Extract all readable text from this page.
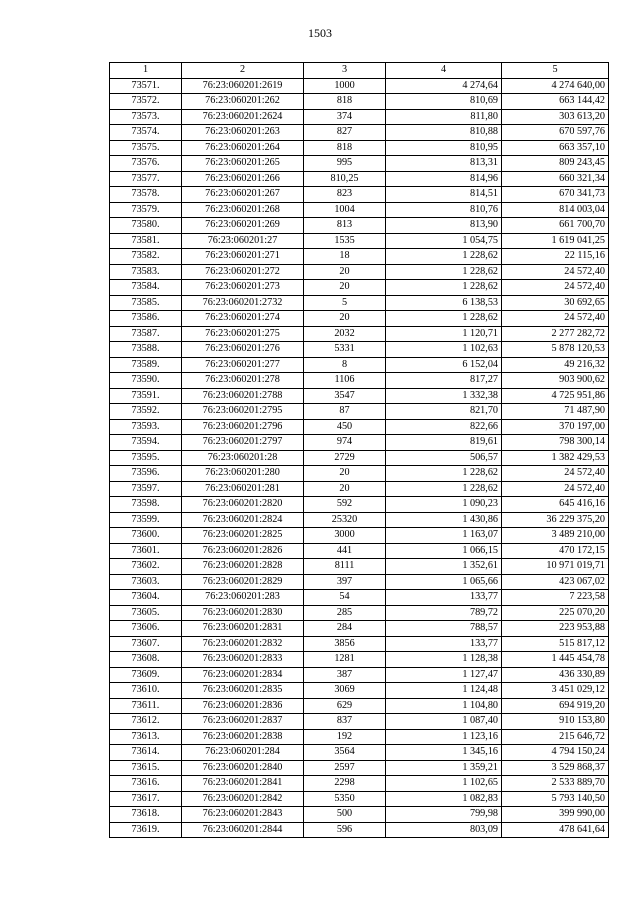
1503
1	2	3	4	5
73571.	76:23:060201:2619	1000	4 274,64	4 274 640,00
73572.	76:23:060201:262	818	810,69	663 144,42
73573.	76:23:060201:2624	374	811,80	303 613,20
73574.	76:23:060201:263	827	810,88	670 597,76
73575.	76:23:060201:264	818	810,95	663 357,10
73576.	76:23:060201:265	995	813,31	809 243,45
73577.	76:23:060201:266	810,25	814,96	660 321,34
73578.	76:23:060201:267	823	814,51	670 341,73
73579.	76:23:060201:268	1004	810,76	814 003,04
73580.	76:23:060201:269	813	813,90	661 700,70
73581.	76:23:060201:27	1535	1 054,75	1 619 041,25
73582.	76:23:060201:271	18	1 228,62	22 115,16
73583.	76:23:060201:272	20	1 228,62	24 572,40
73584.	76:23:060201:273	20	1 228,62	24 572,40
73585.	76:23:060201:2732	5	6 138,53	30 692,65
73586.	76:23:060201:274	20	1 228,62	24 572,40
73587.	76:23:060201:275	2032	1 120,71	2 277 282,72
73588.	76:23:060201:276	5331	1 102,63	5 878 120,53
73589.	76:23:060201:277	8	6 152,04	49 216,32
73590.	76:23:060201:278	1106	817,27	903 900,62
73591.	76:23:060201:2788	3547	1 332,38	4 725 951,86
73592.	76:23:060201:2795	87	821,70	71 487,90
73593.	76:23:060201:2796	450	822,66	370 197,00
73594.	76:23:060201:2797	974	819,61	798 300,14
73595.	76:23:060201:28	2729	506,57	1 382 429,53
73596.	76:23:060201:280	20	1 228,62	24 572,40
73597.	76:23:060201:281	20	1 228,62	24 572,40
73598.	76:23:060201:2820	592	1 090,23	645 416,16
73599.	76:23:060201:2824	25320	1 430,86	36 229 375,20
73600.	76:23:060201:2825	3000	1 163,07	3 489 210,00
73601.	76:23:060201:2826	441	1 066,15	470 172,15
73602.	76:23:060201:2828	8111	1 352,61	10 971 019,71
73603.	76:23:060201:2829	397	1 065,66	423 067,02
73604.	76:23:060201:283	54	133,77	7 223,58
73605.	76:23:060201:2830	285	789,72	225 070,20
73606.	76:23:060201:2831	284	788,57	223 953,88
73607.	76:23:060201:2832	3856	133,77	515 817,12
73608.	76:23:060201:2833	1281	1 128,38	1 445 454,78
73609.	76:23:060201:2834	387	1 127,47	436 330,89
73610.	76:23:060201:2835	3069	1 124,48	3 451 029,12
73611.	76:23:060201:2836	629	1 104,80	694 919,20
73612.	76:23:060201:2837	837	1 087,40	910 153,80
73613.	76:23:060201:2838	192	1 123,16	215 646,72
73614.	76:23:060201:284	3564	1 345,16	4 794 150,24
73615.	76:23:060201:2840	2597	1 359,21	3 529 868,37
73616.	76:23:060201:2841	2298	1 102,65	2 533 889,70
73617.	76:23:060201:2842	5350	1 082,83	5 793 140,50
73618.	76:23:060201:2843	500	799,98	399 990,00
73619.	76:23:060201:2844	596	803,09	478 641,64
